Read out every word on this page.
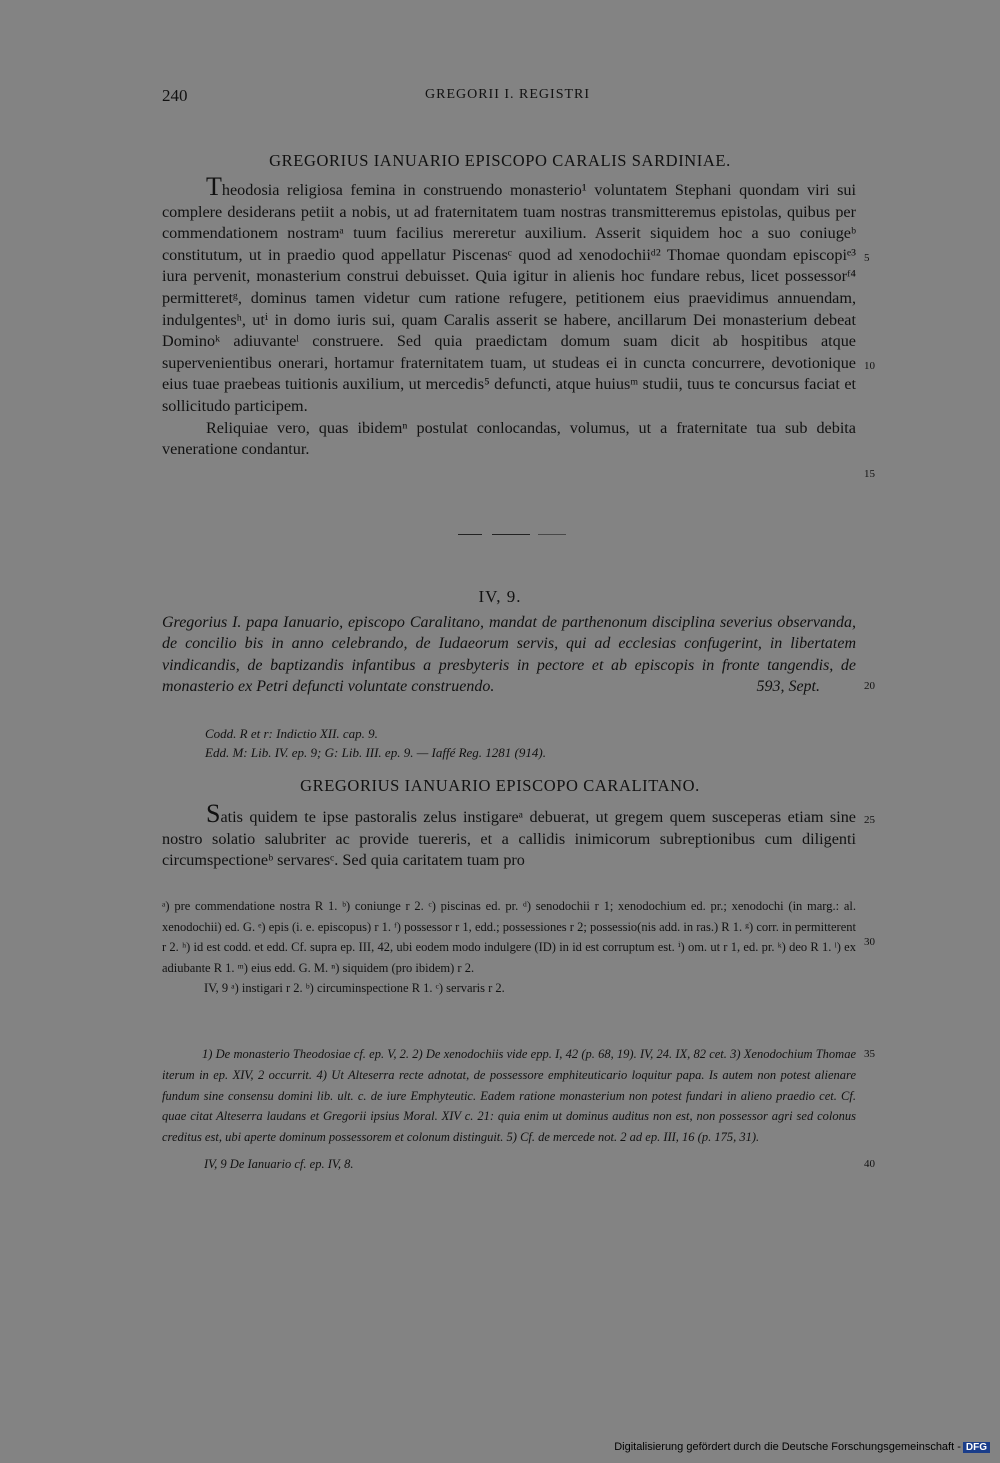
240	GREGORII I. REGISTRI
GREGORIUS IANUARIO EPISCOPO CARALIS SARDINIAE.

Theodosia religiosa femina in construendo monasterio¹ voluntatem Stephani quondam viri sui complere desiderans petiit a nobis, ut ad fraternitatem tuam nostras transmitteremus epistolas, quibus per commendationem nostramᵃ tuum facilius mereretur auxilium. Asserit siquidem hoc a suo coniugeᵇ constitutum, ut in praedio quod appellatur Piscenasᶜ quod ad xenodochiiᵈ² Thomae quondam episcopiᵉ³ iura pervenit, monasterium construi debuisset. Quia igitur in alienis hoc fundare rebus, licet possessorᶠ⁴ permitteretᵍ, dominus tamen videtur cum ratione refugere, petitionem eius praevidimus annuendam, indulgentesʰ, utⁱ in domo iuris sui, quam Caralis asserit se habere, ancillarum Dei monasterium debeat Dominoᵏ adiuvanteˡ construere. Sed quia praedictam domum suam dicit ab hospitibus atque supervenientibus onerari, hortamur fraternitatem tuam, ut studeas ei in cuncta concurrere, devotionique eius tuae praebeas tuitionis auxilium, ut mercedis⁵ defuncti, atque huiusᵐ studii, tuus te concursus faciat et sollicitudo participem.

Reliquiae vero, quas ibidemⁿ postulat conlocandas, volumus, ut a fraternitate tua sub debita veneratione condantur.

5
10
15
IV, 9.
Gregorius I. papa Ianuario, episcopo Caralitano, mandat de parthenonum disciplina severius observanda, de concilio bis in anno celebrando, de Iudaeorum servis, qui ad ecclesias confugerint, in libertatem vindicandis, de baptizandis infantibus a presbyteris in pectore et ab episcopis in fronte tangendis, de monasterio ex Petri defuncti voluntate construendo.	593, Sept.	20
Codd. R et r: Indictio XII. cap. 9.
Edd. M: Lib. IV. ep. 9; G: Lib. III. ep. 9. — Iaffé Reg. 1281 (914).
GREGORIUS IANUARIO EPISCOPO CARALITANO.

Satis quidem te ipse pastoralis zelus instigareᵃ debuerat, ut gregem quem susceperas etiam sine nostro solatio salubriter ac provide tuereris, et a callidis inimicorum subreptionibus cum diligenti circumspectioneᵇ servaresᶜ. Sed quia caritatem tuam pro

25

ᵃ) pre commendatione nostra R 1. ᵇ) coniunge r 2. ᶜ) piscinas ed. pr. ᵈ) senodochii r 1; xenodochium ed. pr.; xenodochi (in marg.: al. xenodochii) ed. G. ᵉ) epis (i. e. episcopus) r 1. ᶠ) possessor r 1, edd.; possessiones r 2; possessio(nis add. in ras.) R 1. ᵍ) corr. in permitterent r 2. ʰ) id est codd. et edd. Cf. supra ep. III, 42, ubi eodem modo indulgere (ID) in id est corruptum est. ⁱ) om. ut r 1, ed. pr. ᵏ) deo R 1. ˡ) ex adiubante R 1. ᵐ) eius edd. G. M. ⁿ) siquidem (pro ibidem) r 2.

IV, 9 ᵃ) instigari r 2. ᵇ) circuminspectione R 1. ᶜ) servaris r 2.

30

1) De monasterio Theodosiae cf. ep. V, 2. 2) De xenodochiis vide epp. I, 42 (p. 68, 19). IV, 24. IX, 82 cet. 3) Xenodochium Thomae iterum in ep. XIV, 2 occurrit. 4) Ut Alteserra recte adnotat, de possessore emphiteuticario loquitur papa. Is autem non potest alienare fundum sine consensu domini lib. ult. c. de iure Emphyteutic. Eadem ratione monasterium non potest fundari in alieno praedio cet. Cf. quae citat Alteserra laudans et Gregorii ipsius Moral. XIV c. 21: quia enim ut dominus auditus non est, non possessor agri sed colonus creditus est, ubi aperte dominum possessorem et colonum distinguit. 5) Cf. de mercede not. 2 ad ep. III, 16 (p. 175, 31).

IV, 9 De Ianuario cf. ep. IV, 8.

35
40
Digitalisierung gefördert durch die Deutsche Forschungsgemeinschaft - DFG
